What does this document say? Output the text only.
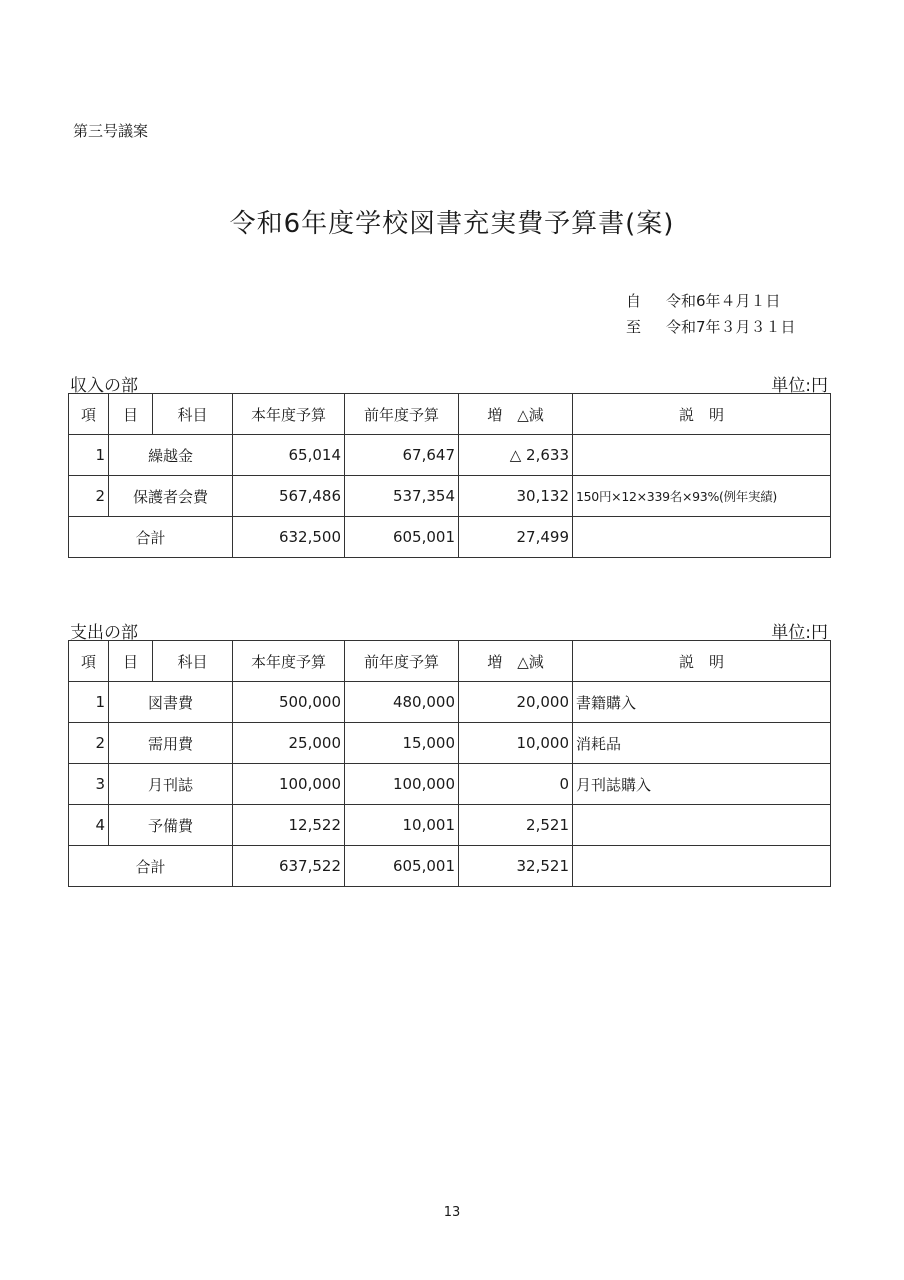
第三号議案
令和6年度学校図書充実費予算書(案)
自 令和6年４月１日
至 令和7年３月３１日
収入の部	単位:円
項	目	科目	本年度予算	前年度予算	増　△減	説　明
1	繰越金		65,014	67,647	△ 2,633	
2	保護者会費		567,486	537,354	30,132	150円×12×339名×93%(例年実績)
合計			632,500	605,001	27,499	
支出の部	単位:円
項	目	科目	本年度予算	前年度予算	増　△減	説　明
1	図書費		500,000	480,000	20,000	書籍購入
2	需用費		25,000	15,000	10,000	消耗品
3	月刊誌		100,000	100,000	0	月刊誌購入
4	予備費		12,522	10,001	2,521	
合計			637,522	605,001	32,521	
13
